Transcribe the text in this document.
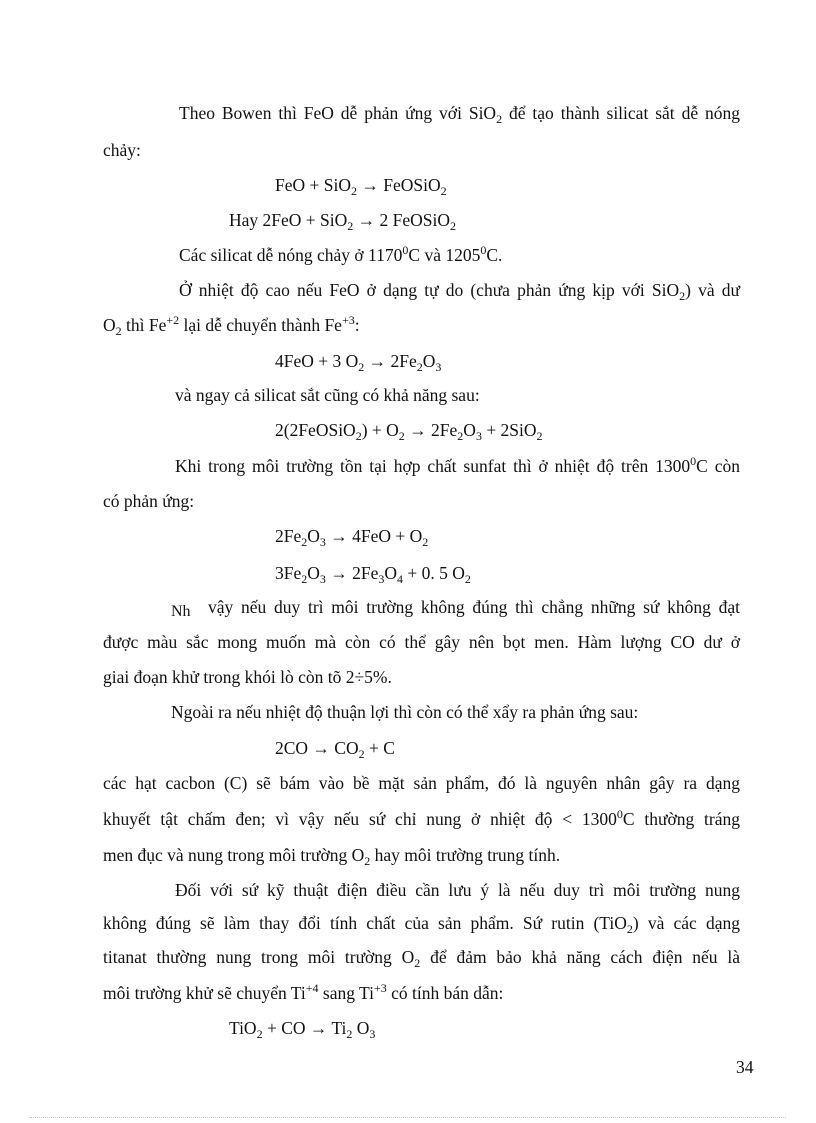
Theo Bowen thì FeO dễ phản ứng với SiO$_2$ để tạo thành silicat sắt dễ nóng
chảy:
FeO + SiO$_2$ → FeOSiO$_2$
Hay 2FeO + SiO$_2$ → 2 FeOSiO$_2$
Các silicat dễ nóng chảy ở 1170$^0$C và 1205$^0$C.
Ở nhiệt độ cao nếu FeO ở dạng tự do (chưa phản ứng kịp với SiO$_2$) và dư
$O_2$ thì $Fe^{+2}$ lại dễ chuyển thành $Fe^{+3}$:
4FeO + 3 $O_2 \to 2Fe_2O_3$
và ngay cả silicat sắt cũng có khả năng sau:
2(2FeOSiO$_2$) + $O_2 \to 2Fe_2O_3 + 2SiO_2$
Khi trong môi trường tồn tại hợp chất sunfat thì ở nhiệt độ trên 1300$^0$C còn
có phản ứng:
$2Fe_2O_3 \to 4FeO + O_2$
$3Fe_2O_3 \to 2Fe_3O_4 + 0$. 5 $O_2$
Nh vậy nếu duy trì môi trường không đúng thì chẳng những sứ không đạt
được màu sắc mong muốn mà còn có thể gây nên bọt men. Hàm lượng CO dư ở
giai đoạn khử trong khói lò còn tõ 2÷5%.
Ngoài ra nếu nhiệt độ thuận lợi thì còn có thể xẩy ra phản ứng sau:
$2CO \to CO_2 + C$
các hạt cacbon (C) sẽ bám vào bề mặt sản phẩm, đó là nguyên nhân gây ra dạng
khuyết tật chấm đen; vì vậy nếu sứ chỉ nung ở nhiệt độ < $1300^0C$ thường tráng
men đục và nung trong môi trường $O_2$ hay môi trường trung tính.
Đối với sứ kỹ thuật điện điều cần lưu ý là nếu duy trì môi trường nung
không đúng sẽ làm thay đổi tính chất của sản phẩm. Sứ rutin (TiO$_2$) và các dạng
titanat thường nung trong môi trường $O_2$ để đảm bảo khả năng cách điện nếu là
môi trường khử sẽ chuyển $Ti^{+4}$ sang $Ti^{+3}$ có tính bán dẫn:
TiO$_2$ + CO → $Ti_2$ $O_3$
34
